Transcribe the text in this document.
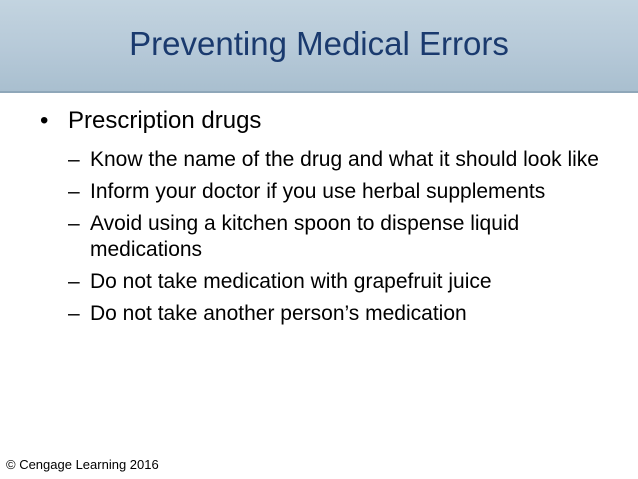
Preventing Medical Errors
• Prescription drugs
– Know the name of the drug and what it should look like
– Inform your doctor if you use herbal supplements
– Avoid using a kitchen spoon to dispense liquid medications
– Do not take medication with grapefruit juice
– Do not take another person’s medication
© Cengage Learning 2016
